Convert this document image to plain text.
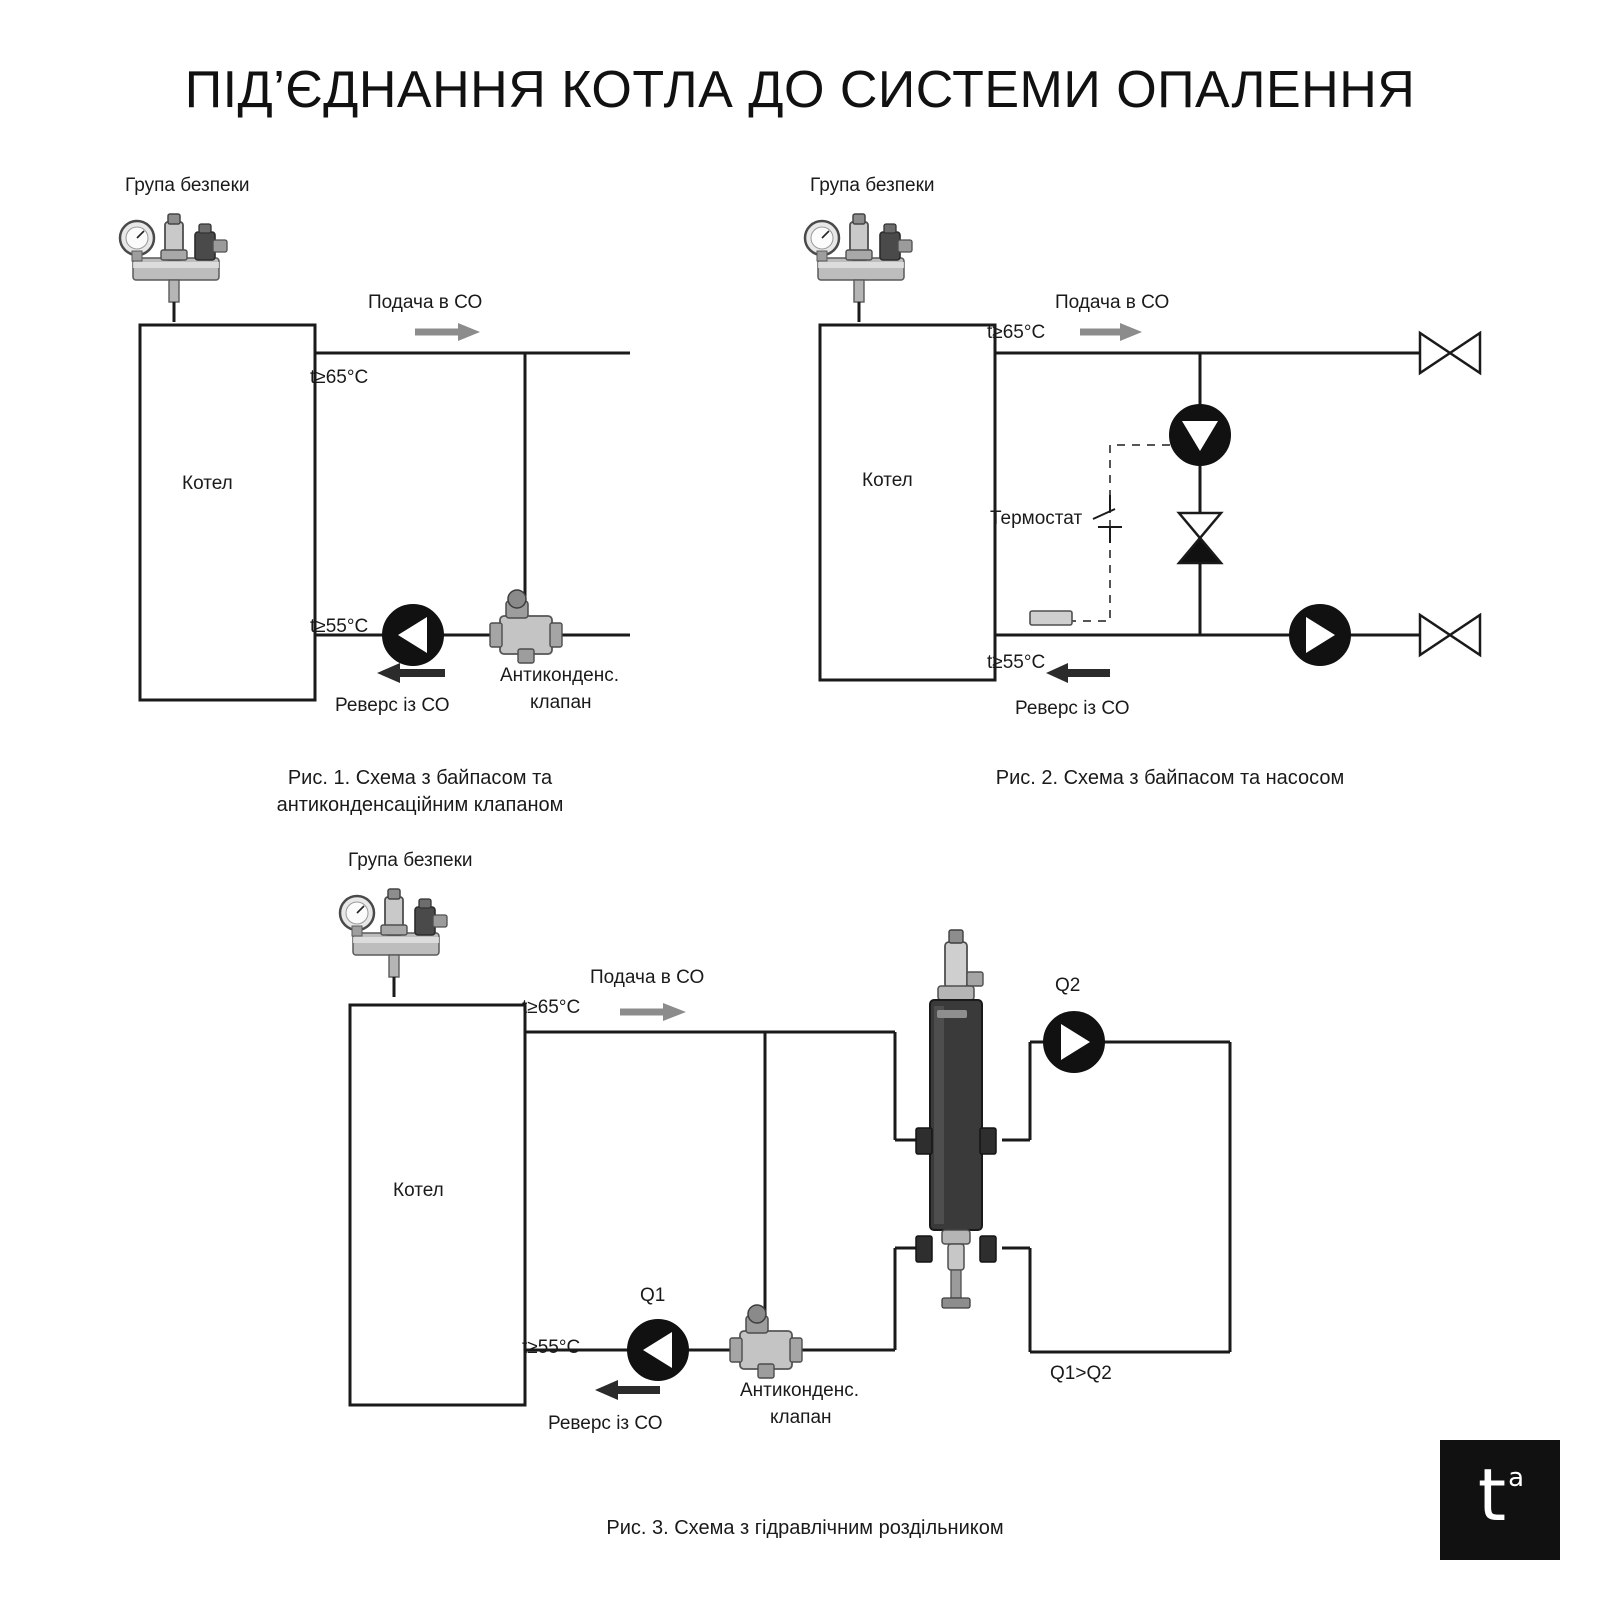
ПІД’ЄДНАННЯ КОТЛА ДО СИСТЕМИ ОПАЛЕННЯ
Група безпеки
Подача в СО
t≥65°C
Котел
t≥55°C
Реверс із СО
Антиконденс.
клапан
Рис. 1. Схема з байпасом та
антиконденсаційним клапаном
Група безпеки
Подача в СО
t≥65°C
Котел
Термостат
t≥55°C
Реверс із СО
Рис. 2. Схема з байпасом та насосом
Група безпеки
Подача в СО
t≥65°C
Котел
Q1
Q2
t≥55°C
Реверс із СО
Антиконденс.
клапан
Q1>Q2
Рис. 3. Схема з гідравлічним роздільником	t a
